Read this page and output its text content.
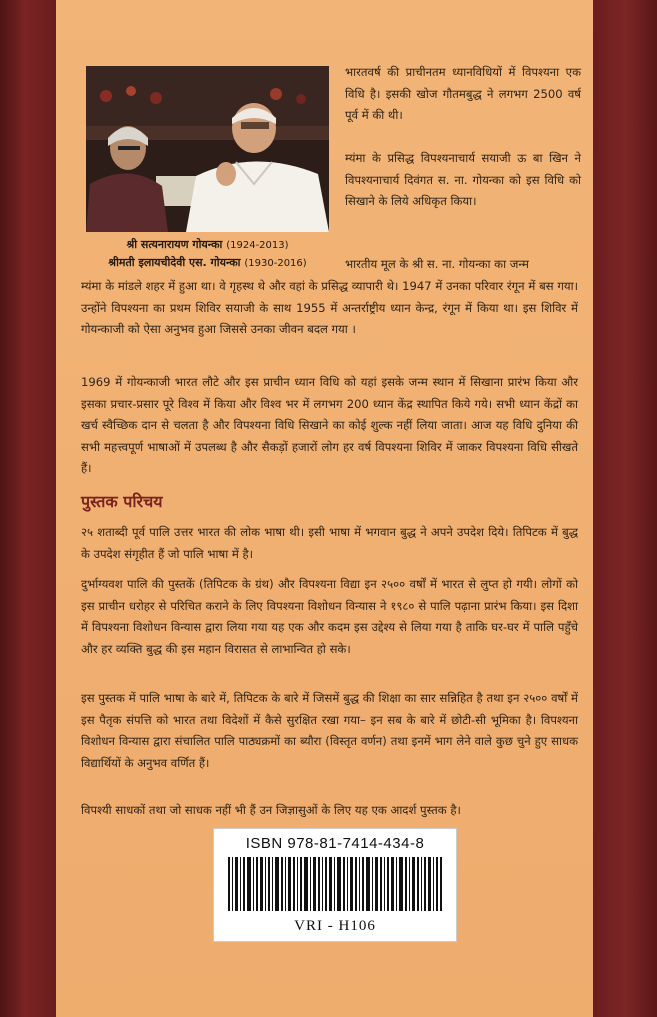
श्री सत्यनारायण गोयन्का (1924-2013)
श्रीमती इलायचीदेवी एस. गोयन्का (1930-2016)

भारतवर्ष की प्राचीनतम ध्यानविधियों में विपश्यना एक विधि है। इसकी खोज गौतमबुद्ध ने लगभग 2500 वर्ष पूर्व में की थी।

म्यंमा के प्रसिद्ध विपश्यनाचार्य सयाजी ऊ बा खिन ने विपश्यनाचार्य दिवंगत स. ना. गोयन्का को इस विधि को सिखाने के लिये अधिकृत किया।

भारतीय मूल के श्री स. ना. गोयन्का का जन्म

म्यंमा के मांडले शहर में हुआ था। वे गृहस्थ थे और वहां के प्रसिद्ध व्यापारी थे। 1947 में उनका परिवार रंगून में बस गया। उन्होंने विपश्यना का प्रथम शिविर सयाजी के साथ 1955 में अन्तर्राष्ट्रीय ध्यान केन्द्र, रंगून में किया था। इस शिविर में गोयन्काजी को ऐसा अनुभव हुआ जिससे उनका जीवन बदल गया ।

1969 में गोयन्काजी भारत लौटे और इस प्राचीन ध्यान विधि को यहां इसके जन्म स्थान में सिखाना प्रारंभ किया और इसका प्रचार-प्रसार पूरे विश्व में किया और विश्व भर में लगभग 200 ध्यान केंद्र स्थापित किये गये। सभी ध्यान केंद्रों का खर्च स्वैच्छिक दान से चलता है और विपश्यना विधि सिखाने का कोई शुल्क नहीं लिया जाता। आज यह विधि दुनिया की सभी महत्त्वपूर्ण भाषाओं में उपलब्ध है और सैकड़ों हजारों लोग हर वर्ष विपश्यना शिविर में जाकर विपश्यना विधि सीखते हैं।

पुस्तक परिचय

२५ शताब्दी पूर्व पालि उत्तर भारत की लोक भाषा थी। इसी भाषा में भगवान बुद्ध ने अपने उपदेश दिये। तिपिटक में बुद्ध के उपदेश संगृहीत हैं जो पालि भाषा में है।

दुर्भाग्यवश पालि की पुस्तकें (तिपिटक के ग्रंथ) और विपश्यना विद्या इन २५०० वर्षों में भारत से लुप्त हो गयी। लोगों को इस प्राचीन धरोहर से परिचित कराने के लिए विपश्यना विशोधन विन्यास ने १९८० से पालि पढ़ाना प्रारंभ किया। इस दिशा में विपश्यना विशोधन विन्यास द्वारा लिया गया यह एक और कदम इस उद्देश्य से लिया गया है ताकि घर-घर में पालि पहुँचे और हर व्यक्ति बुद्ध की इस महान विरासत से लाभान्वित हो सके।

इस पुस्तक में पालि भाषा के बारे में, तिपिटक के बारे में जिसमें बुद्ध की शिक्षा का सार सन्निहित है तथा इन २५०० वर्षों में इस पैतृक संपत्ति को भारत तथा विदेशों में कैसे सुरक्षित रखा गया– इन सब के बारे में छोटी-सी भूमिका है। विपश्यना विशोधन विन्यास द्वारा संचालित पालि पाठ्यक्रमों का ब्यौरा (विस्तृत वर्णन) तथा इनमें भाग लेने वाले कुछ चुने हुए साधक विद्यार्थियों के अनुभव वर्णित हैं।

विपश्यी साधकों तथा जो साधक नहीं भी हैं उन जिज्ञासुओं के लिए यह एक आदर्श पुस्तक है।

ISBN 978-81-7414-434-8
VRI - H106
